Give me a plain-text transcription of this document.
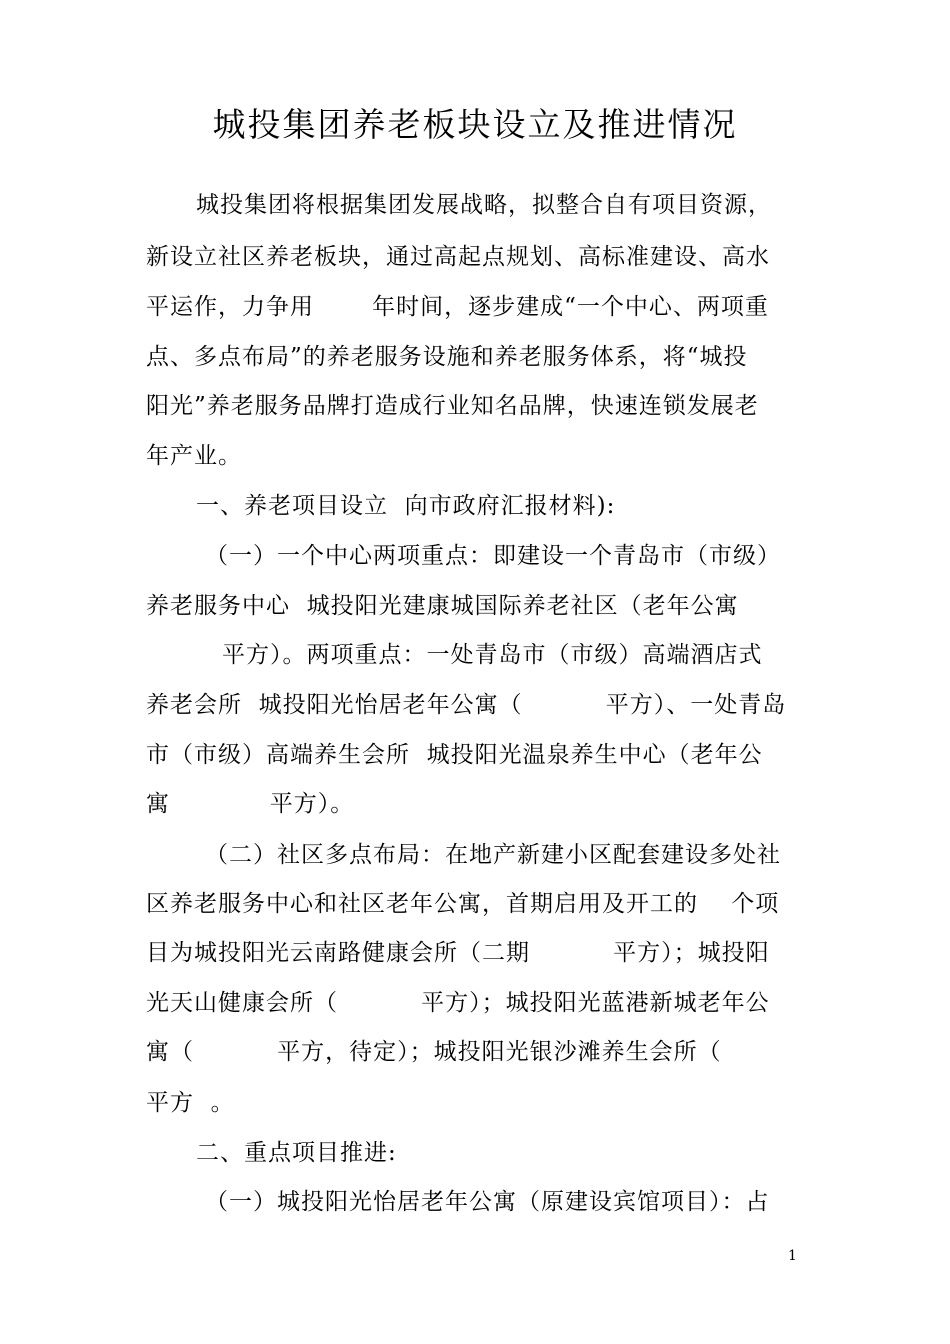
城投集团养老板块设立及推进情况
城投集团将根据集团发展战略，拟整合自有项目资源，
新设立社区养老板块，通过高起点规划、高标准建设、高水
平运作，力争用       年时间，逐步建成“一个中心、两项重
点、多点布局”的养老服务设施和养老服务体系，将“城投
阳光”养老服务品牌打造成行业知名品牌，快速连锁发展老
年产业。
一、养老项目设立  向市政府汇报材料):
（一）一个中心两项重点：即建设一个青岛市（市级）
养老服务中心  城投阳光建康城国际养老社区（老年公寓
平方）。两项重点：一处青岛市（市级）高端酒店式
养老会所  城投阳光怡居老年公寓（          平方）、一处青岛
市（市级）高端养生会所  城投阳光温泉养生中心（老年公
寓            平方）。
（二）社区多点布局：在地产新建小区配套建设多处社
区养老服务中心和社区老年公寓，首期启用及开工的    个项
目为城投阳光云南路健康会所（二期          平方）；城投阳
光天山健康会所（          平方）；城投阳光蓝港新城老年公
寓（          平方，待定）；城投阳光银沙滩养生会所（
平方  。
二、重点项目推进:
（一）城投阳光怡居老年公寓（原建设宾馆项目）：占
1
